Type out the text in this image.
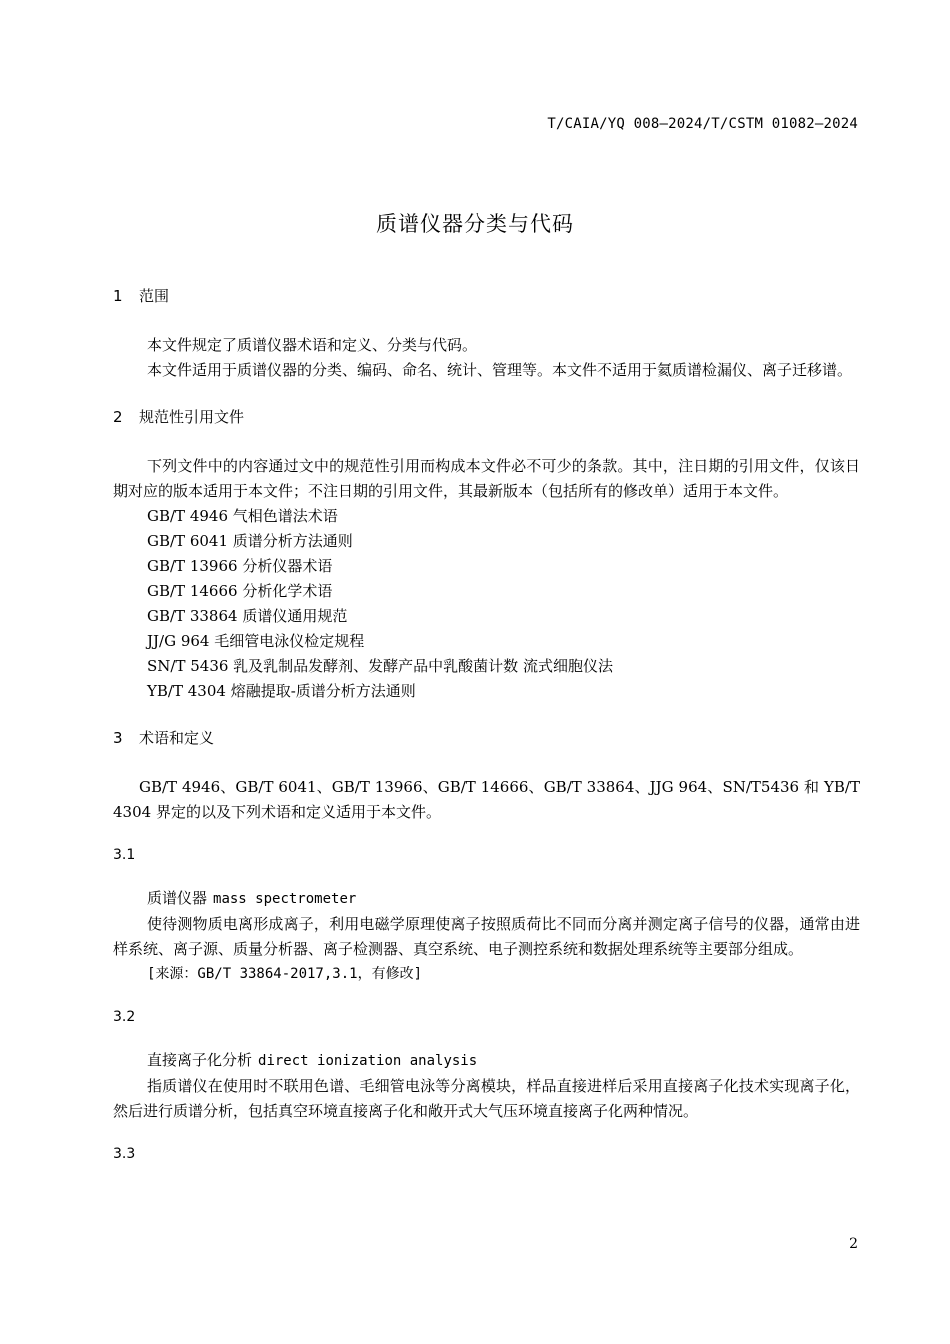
T/CAIA/YQ 008—2024/T/CSTM 01082—2024
质谱仪器分类与代码
1 范围

本文件规定了质谱仪器术语和定义、分类与代码。

本文件适用于质谱仪器的分类、编码、命名、统计、管理等。本文件不适用于氦质谱检漏仪、离子迁移谱。

2 规范性引用文件

下列文件中的内容通过文中的规范性引用而构成本文件必不可少的条款。其中，注日期的引用文件，仅该日期对应的版本适用于本文件；不注日期的引用文件，其最新版本（包括所有的修改单）适用于本文件。

GB/T 4946 气相色谱法术语
GB/T 6041 质谱分析方法通则
GB/T 13966 分析仪器术语
GB/T 14666 分析化学术语
GB/T 33864 质谱仪通用规范
JJ/G 964 毛细管电泳仪检定规程
SN/T 5436 乳及乳制品发酵剂、发酵产品中乳酸菌计数 流式细胞仪法
YB/T 4304 熔融提取-质谱分析方法通则
3 术语和定义

GB/T 4946、GB/T 6041、GB/T 13966、GB/T 14666、GB/T 33864、JJG 964、SN/T5436 和 YB/T 4304 界定的以及下列术语和定义适用于本文件。

3.1
质谱仪器 mass spectrometer

使待测物质电离形成离子，利用电磁学原理使离子按照质荷比不同而分离并测定离子信号的仪器，通常由进样系统、离子源、质量分析器、离子检测器、真空系统、电子测控系统和数据处理系统等主要部分组成。

[来源：GB/T 33864-2017,3.1，有修改]
3.2
直接离子化分析 direct ionization analysis

指质谱仪在使用时不联用色谱、毛细管电泳等分离模块，样品直接进样后采用直接离子化技术实现离子化，然后进行质谱分析，包括真空环境直接离子化和敞开式大气压环境直接离子化两种情况。

3.3
2
